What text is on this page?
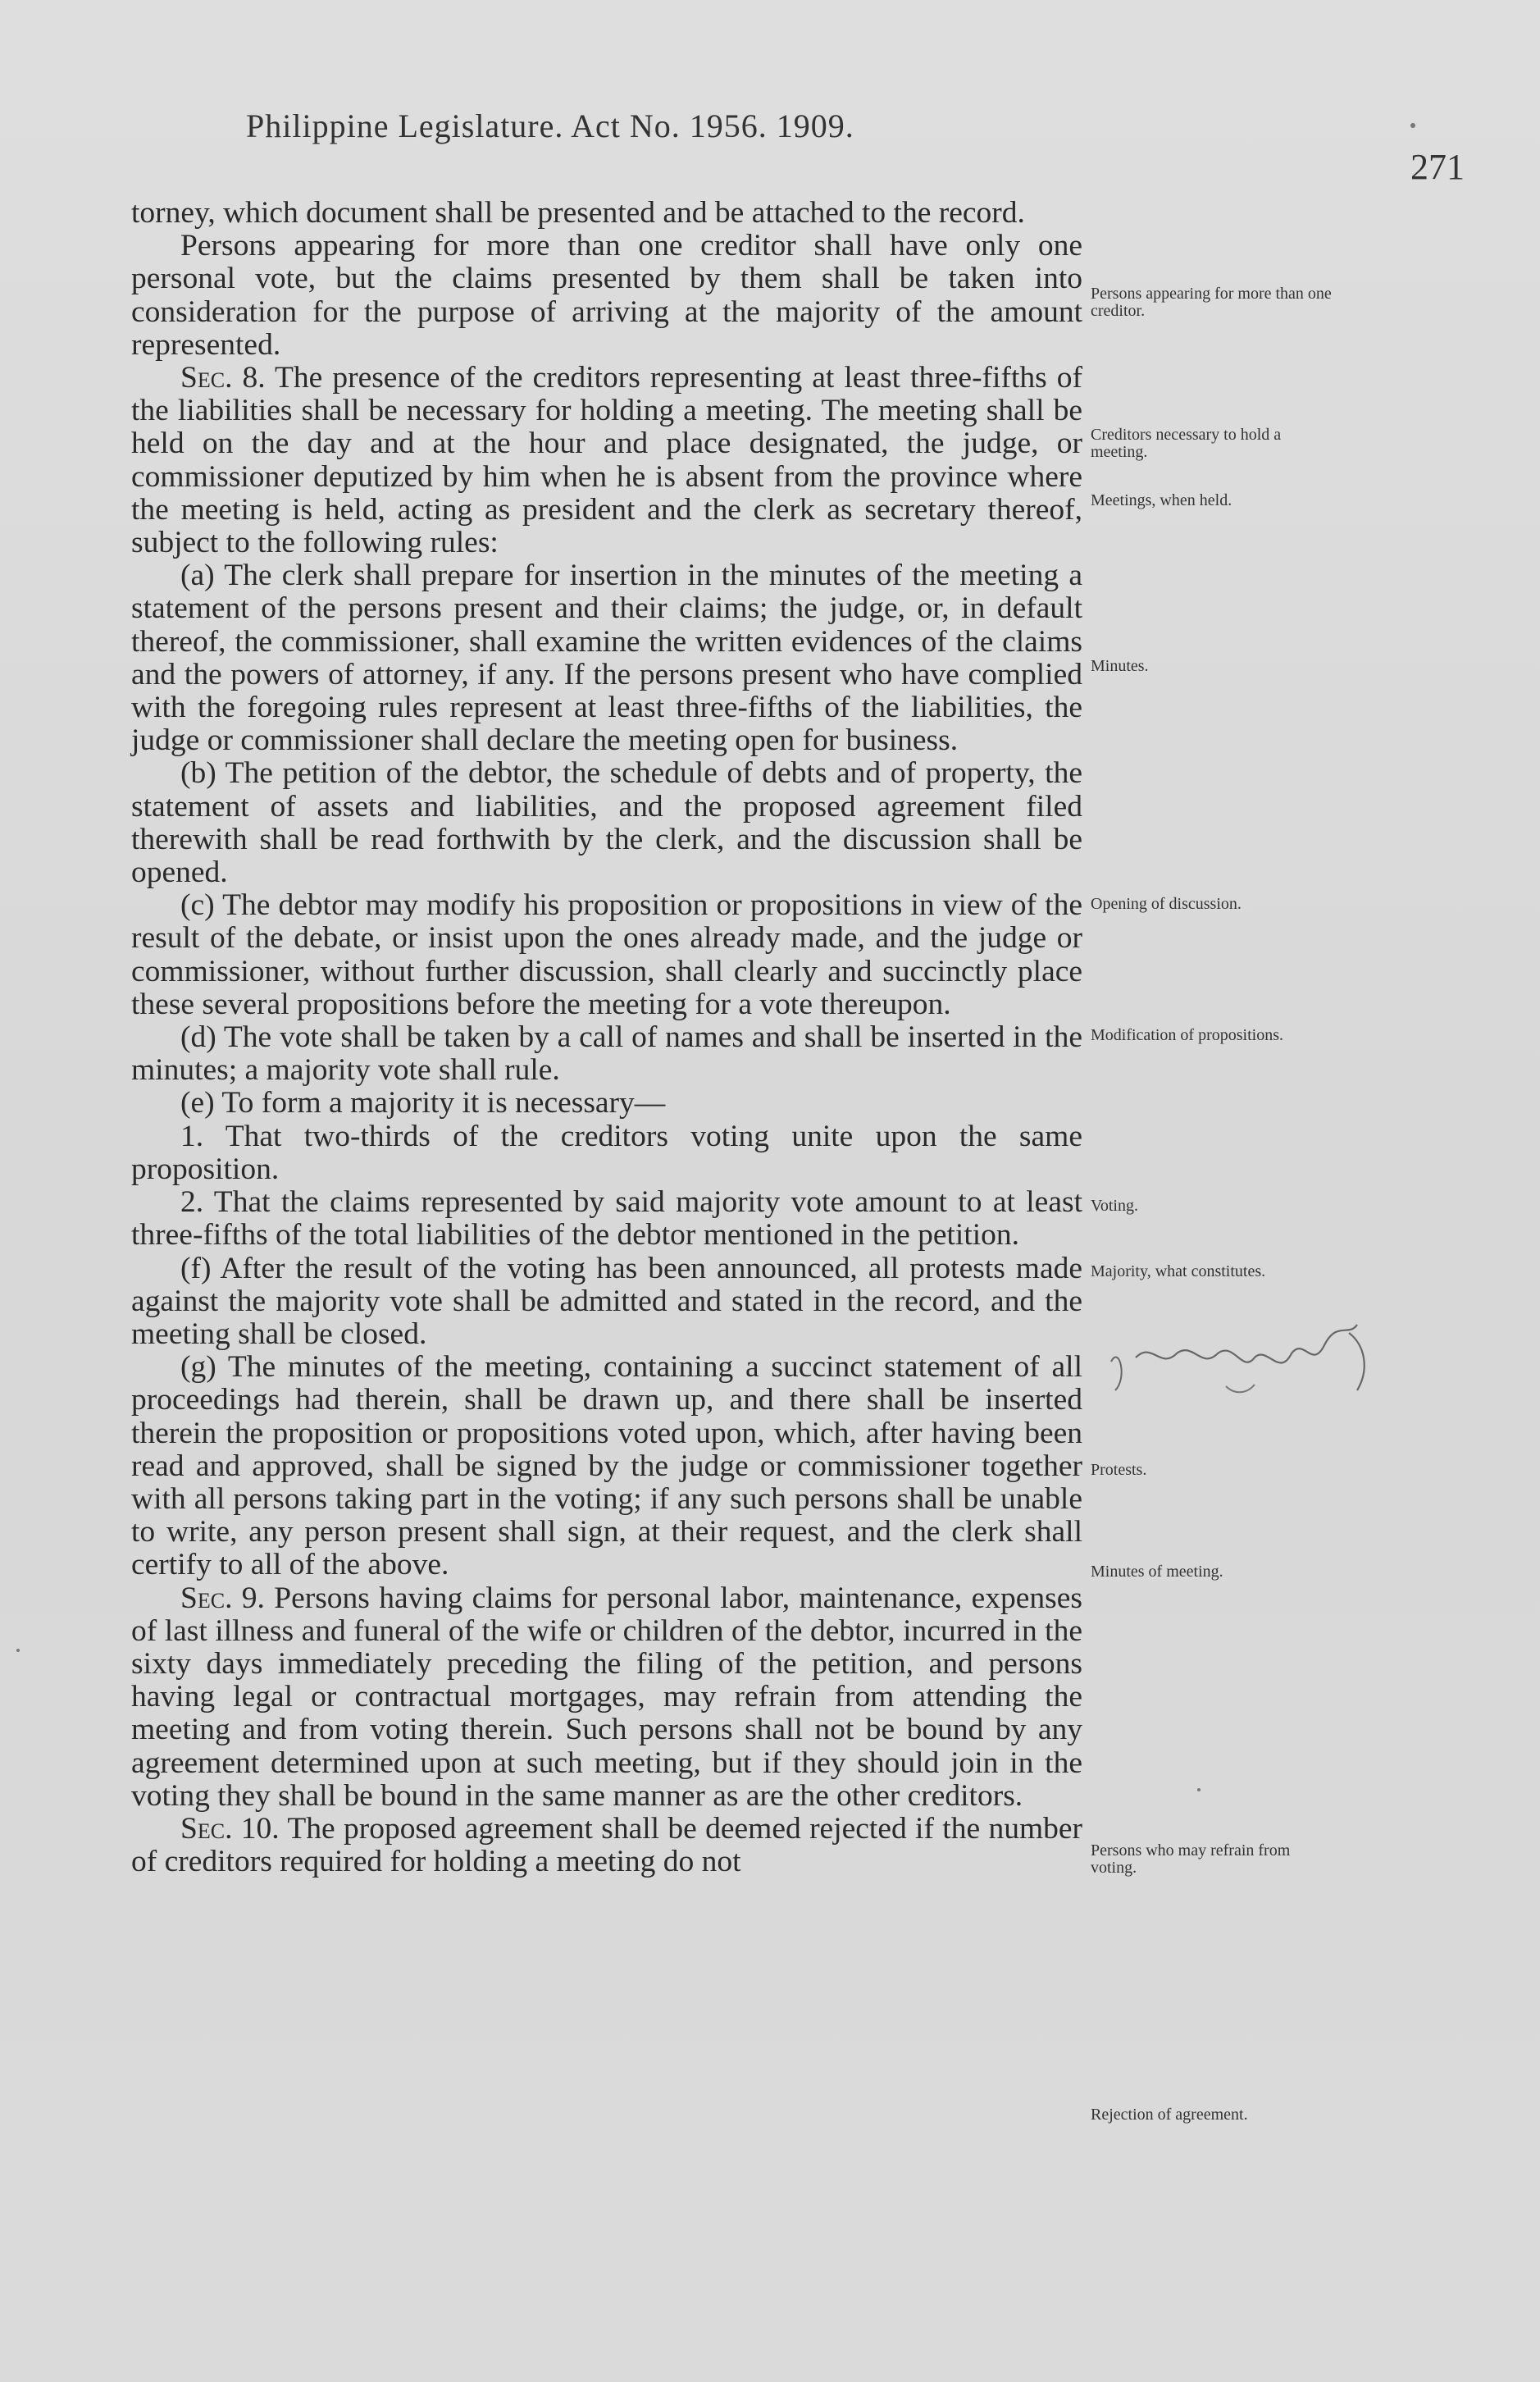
Philippine Legislature. Act No. 1956. 1909.
271

torney, which document shall be presented and be attached to the record.

Persons appearing for more than one creditor shall have only one personal vote, but the claims presented by them shall be taken into consideration for the purpose of arriving at the majority of the amount represented.

Sec. 8. The presence of the creditors representing at least three-fifths of the liabilities shall be necessary for holding a meeting. The meeting shall be held on the day and at the hour and place designated, the judge, or commissioner deputized by him when he is absent from the province where the meeting is held, acting as president and the clerk as secretary thereof, subject to the following rules:

(a) The clerk shall prepare for insertion in the minutes of the meeting a statement of the persons present and their claims; the judge, or, in default thereof, the commissioner, shall examine the written evidences of the claims and the powers of attorney, if any. If the persons present who have complied with the foregoing rules represent at least three-fifths of the liabilities, the judge or commissioner shall declare the meeting open for business.

(b) The petition of the debtor, the schedule of debts and of property, the statement of assets and liabilities, and the proposed agreement filed therewith shall be read forthwith by the clerk, and the discussion shall be opened.

(c) The debtor may modify his proposition or propositions in view of the result of the debate, or insist upon the ones already made, and the judge or commissioner, without further discussion, shall clearly and succinctly place these several propositions before the meeting for a vote thereupon.

(d) The vote shall be taken by a call of names and shall be inserted in the minutes; a majority vote shall rule.

(e) To form a majority it is necessary—

1. That two-thirds of the creditors voting unite upon the same proposition.

2. That the claims represented by said majority vote amount to at least three-fifths of the total liabilities of the debtor mentioned in the petition.

(f) After the result of the voting has been announced, all protests made against the majority vote shall be admitted and stated in the record, and the meeting shall be closed.

(g) The minutes of the meeting, containing a succinct statement of all proceedings had therein, shall be drawn up, and there shall be inserted therein the proposition or propositions voted upon, which, after having been read and approved, shall be signed by the judge or commissioner together with all persons taking part in the voting; if any such persons shall be unable to write, any person present shall sign, at their request, and the clerk shall certify to all of the above.

Sec. 9. Persons having claims for personal labor, maintenance, expenses of last illness and funeral of the wife or children of the debtor, incurred in the sixty days immediately preceding the filing of the petition, and persons having legal or contractual mortgages, may refrain from attending the meeting and from voting therein. Such persons shall not be bound by any agreement determined upon at such meeting, but if they should join in the voting they shall be bound in the same manner as are the other creditors.

Sec. 10. The proposed agreement shall be deemed rejected if the number of creditors required for holding a meeting do not

Persons appearing for more than one creditor.
Creditors necessary to hold a meeting.
Meetings, when held.
Minutes.
Opening of discussion.
Modification of propositions.
Voting.
Majority, what constitutes.
Protests.
Minutes of meeting.
Persons who may refrain from voting.
Rejection of agreement.
